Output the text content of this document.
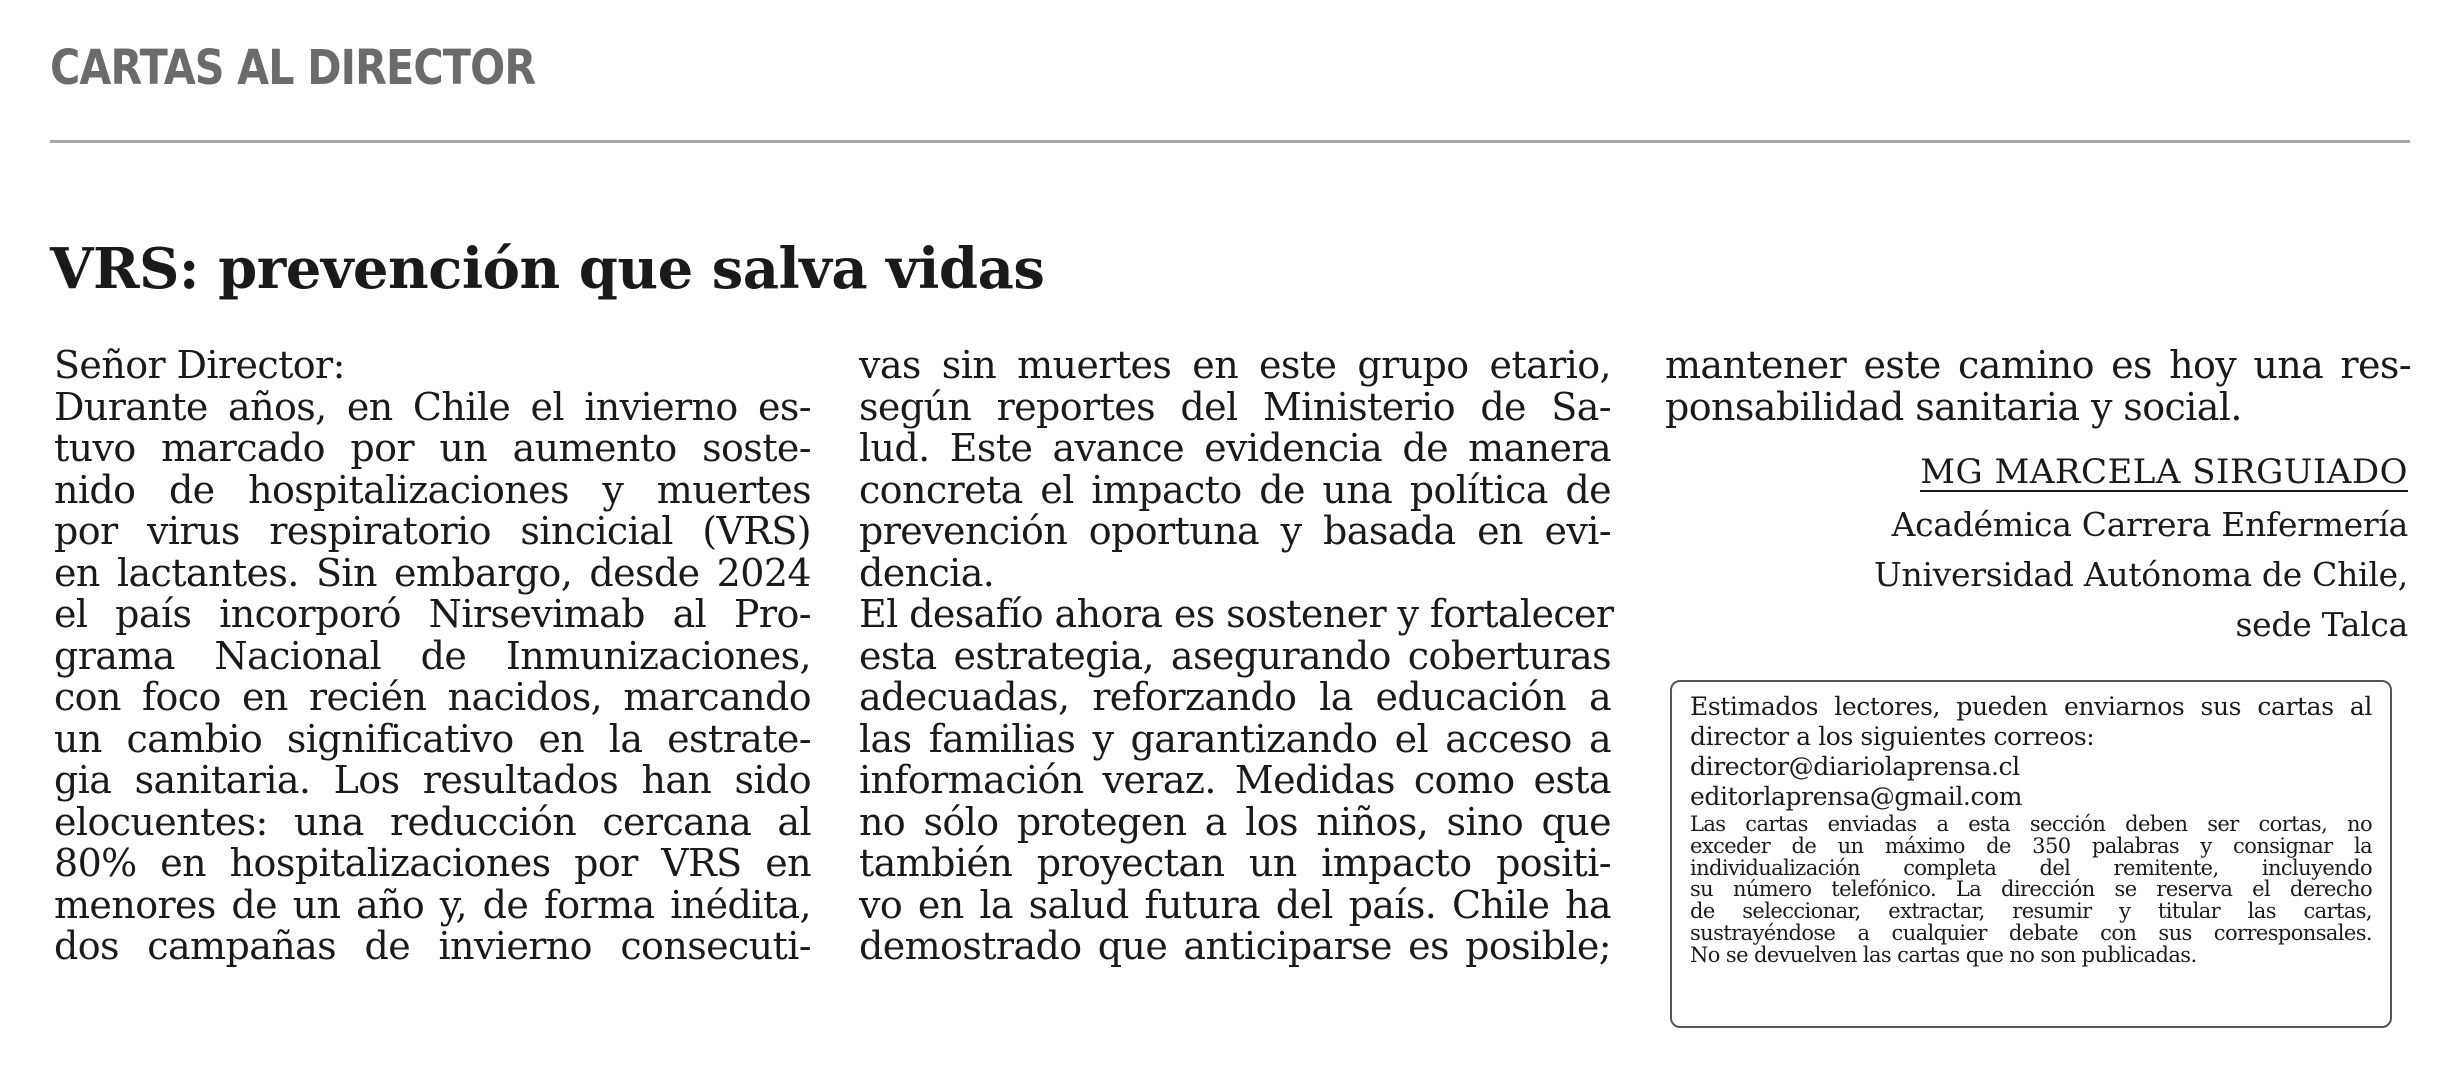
CARTAS AL DIRECTOR
VRS: prevención que salva vidas
Señor Director:
Durante años, en Chile el invierno es-
tuvo marcado por un aumento soste-
nido de hospitalizaciones y muertes
por virus respiratorio sincicial (VRS)
en lactantes. Sin embargo, desde 2024
el país incorporó Nirsevimab al Pro-
grama Nacional de Inmunizaciones,
con foco en recién nacidos, marcando
un cambio significativo en la estrate-
gia sanitaria. Los resultados han sido
elocuentes: una reducción cercana al
80% en hospitalizaciones por VRS en
menores de un año y, de forma inédita,
dos campañas de invierno consecuti-
vas sin muertes en este grupo etario,
según reportes del Ministerio de Sa-
lud. Este avance evidencia de manera
concreta el impacto de una política de
prevención oportuna y basada en evi-
dencia.
El desafío ahora es sostener y fortalecer
esta estrategia, asegurando coberturas
adecuadas, reforzando la educación a
las familias y garantizando el acceso a
información veraz. Medidas como esta
no sólo protegen a los niños, sino que
también proyectan un impacto positi-
vo en la salud futura del país. Chile ha
demostrado que anticiparse es posible;
mantener este camino es hoy una res-
ponsabilidad sanitaria y social.
MG MARCELA SIRGUIADO
Académica Carrera Enfermería
Universidad Autónoma de Chile,
sede Talca
Estimados lectores, pueden enviarnos sus cartas al
director a los siguientes correos:
director@diariolaprensa.cl
editorlaprensa@gmail.com
Las cartas enviadas a esta sección deben ser cortas, no
exceder de un máximo de 350 palabras y consignar la
individualización completa del remitente, incluyendo
su número telefónico. La dirección se reserva el derecho
de seleccionar, extractar, resumir y titular las cartas,
sustrayéndose a cualquier debate con sus corresponsales.
No se devuelven las cartas que no son publicadas.
